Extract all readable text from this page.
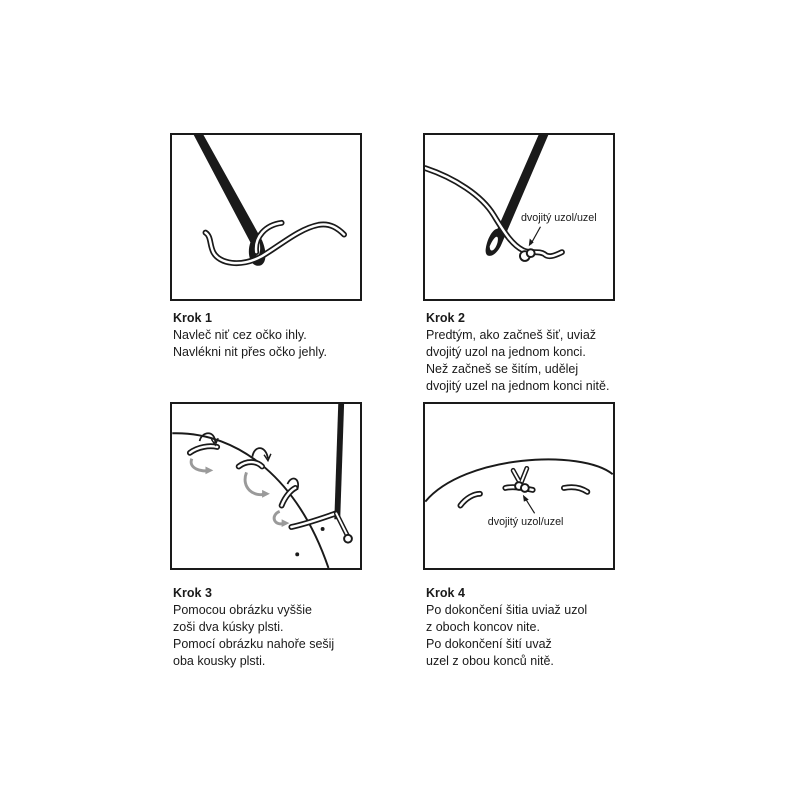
Krok 1
Navleč niť cez očko ihly.
Navlékni nit přes očko jehly.
dvojitý uzol/uzel
Krok 2
Predtým, ako začneš šiť, uviaž
dvojitý uzol na jednom konci.
Než začneš se šitím, udělej
dvojitý uzel na jednom konci nitě.
Krok 3
Pomocou obrázku vyššie
zoši dva kúsky plsti.
Pomocí obrázku nahoře sešij
oba kousky plsti.
dvojitý uzol/uzel
Krok 4
Po dokončení šitia uviaž uzol
z oboch koncov nite.
Po dokončení šití uvaž
uzel z obou konců nitě.
